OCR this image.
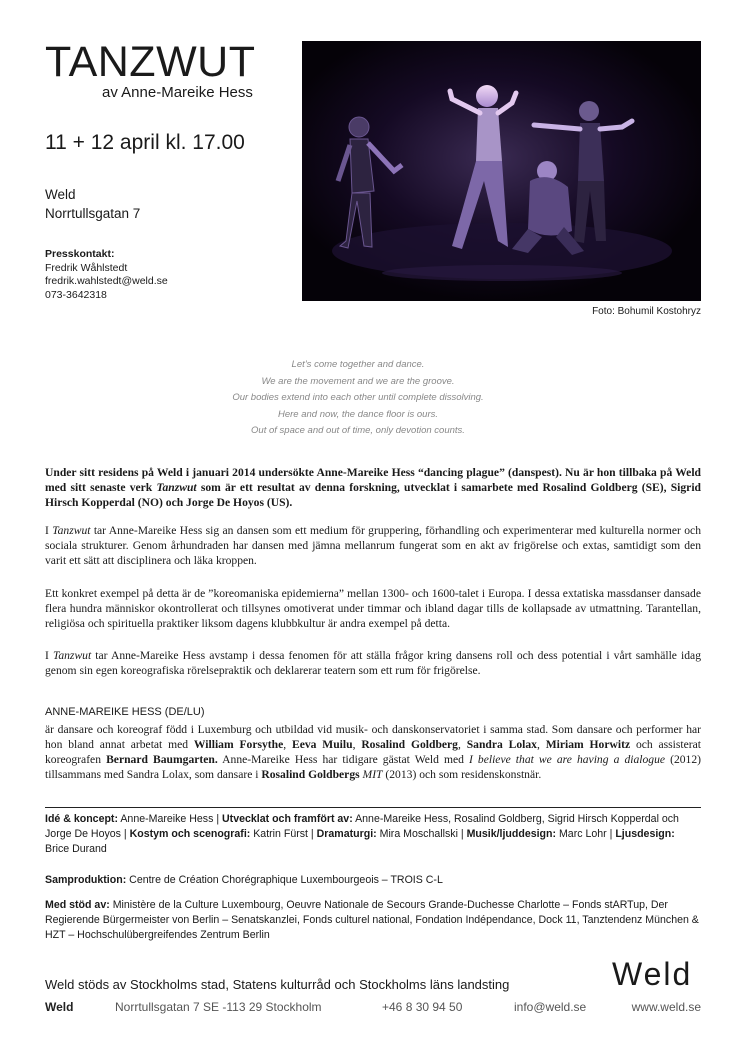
TANZWUT
av Anne-Mareike Hess
11 + 12 april kl. 17.00
Weld
Norrtullsgatan 7
Presskontakt:
Fredrik Wåhlstedt
fredrik.wahlstedt@weld.se
073-3642318
Foto: Bohumil Kostohryz
Let’s come together and dance.
We are the movement and we are the groove.
Our bodies extend into each other until complete dissolving.
Here and now, the dance floor is ours.
Out of space and out of time, only devotion counts.
Under sitt residens på Weld i januari 2014 undersökte Anne-Mareike Hess “dancing plague” (danspest). Nu är hon tillbaka på Weld med sitt senaste verk Tanzwut som är ett resultat av denna forskning, utvecklat i samarbete med Rosalind Goldberg (SE), Sigrid Hirsch Kopperdal (NO) och Jorge De Hoyos (US).
I Tanzwut tar Anne-Mareike Hess sig an dansen som ett medium för gruppering, förhandling och experimenterar med kulturella normer och sociala strukturer. Genom århundraden har dansen med jämna mellanrum fungerat som en akt av frigörelse och extas, samtidigt som den varit ett sätt att disciplinera och läka kroppen.
Ett konkret exempel på detta är de ”koreomaniska epidemierna” mellan 1300- och 1600-talet i Europa. I dessa extatiska massdanser dansade flera hundra människor okontrollerat och tillsynes omotiverat under timmar och ibland dagar tills de kollapsade av utmattning. Tarantellan, religiösa och spirituella praktiker liksom dagens klubbkultur är andra exempel på detta.
I Tanzwut tar Anne-Mareike Hess avstamp i dessa fenomen för att ställa frågor kring dansens roll och dess potential i vårt samhälle idag genom sin egen koreografiska rörelsepraktik och deklarerar teatern som ett rum för frigörelse.
ANNE-MAREIKE HESS (DE/LU)
är dansare och koreograf född i Luxemburg och utbildad vid musik- och danskonservatoriet i samma stad. Som dansare och performer har hon bland annat arbetat med William Forsythe, Eeva Muilu, Rosalind Goldberg, Sandra Lolax, Miriam Horwitz och assisterat koreografen Bernard Baumgarten. Anne-Mareike Hess har tidigare gästat Weld med I believe that we are having a dialogue (2012) tillsammans med Sandra Lolax, som dansare i Rosalind Goldbergs MIT (2013) och som residenskonstnär.
Idé & koncept: Anne-Mareike Hess | Utvecklat och framfört av: Anne-Mareike Hess, Rosalind Goldberg, Sigrid Hirsch Kopperdal och Jorge De Hoyos | Kostym och scenografi: Katrin Fürst | Dramaturgi: Mira Moschallski | Musik/ljuddesign: Marc Lohr | Ljusdesign: Brice Durand
Samproduktion: Centre de Création Chorégraphique Luxembourgeois – TROIS C-L
Med stöd av: Ministère de la Culture Luxembourg, Oeuvre Nationale de Secours Grande-Duchesse Charlotte – Fonds stARTup, Der Regierende Bürgermeister von Berlin – Senatskanzlei, Fonds culturel national, Fondation Indépendance, Dock 11, Tanztendenz München & HZT – Hochschulübergreifendes Zentrum Berlin
Weld stöds av Stockholms stad, Statens kulturråd och Stockholms läns landsting	Weld
Weld	Norrtullsgatan 7 SE -113 29 Stockholm	+46 8 30 94 50	info@weld.se	www.weld.se
